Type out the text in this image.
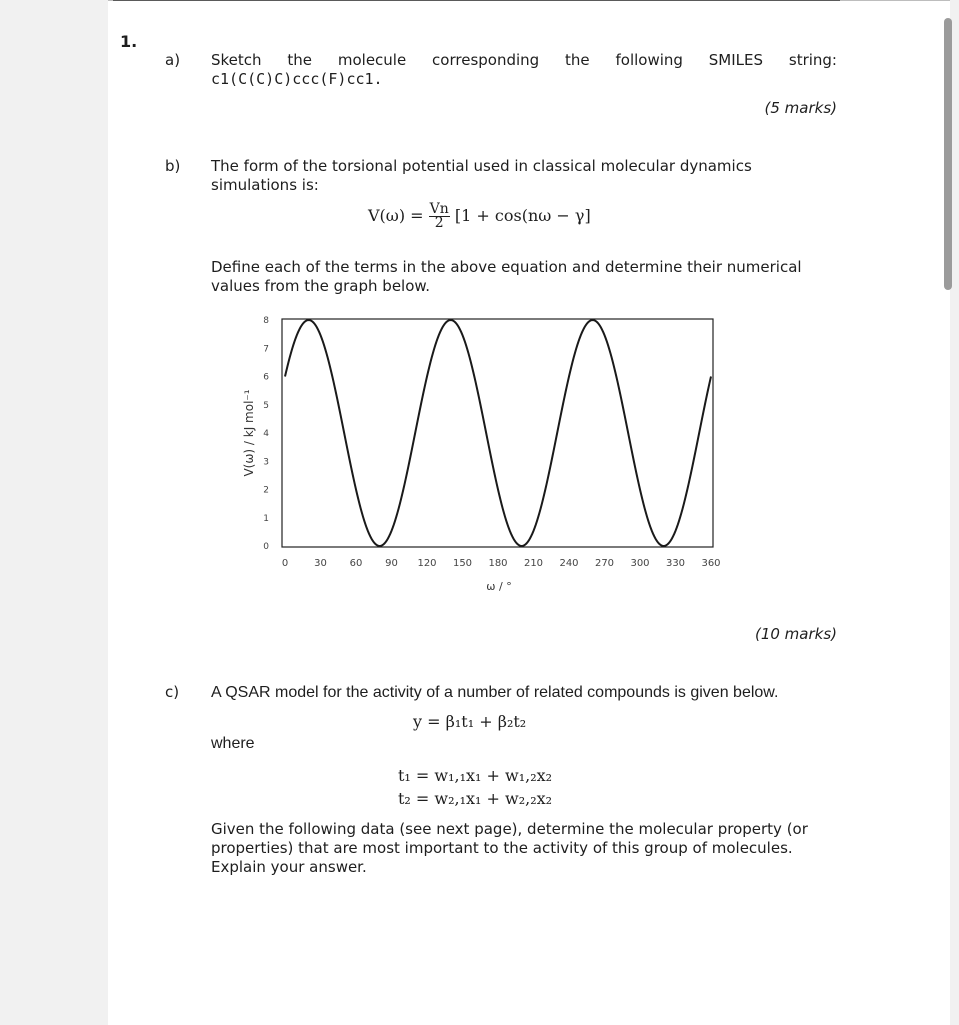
1.
a) Sketch the molecule corresponding the following SMILES string:
c1(C(C)C)ccc(F)cc1.
(5 marks)
b) The form of the torsional potential used in classical molecular dynamics
simulations is:
$V(\omega) = \frac{Vn}{2} [1 + \cos(n\omega - \gamma]$
Define each of the terms in the above equation and determine their numerical
values from the graph below.
0
1
2
3
4
5
6
7
8
0	30 60 90 120 150 180 210 240 270 300 330 360
ω / °
V(ω) / kJ mol⁻¹
(10 marks)
c) A QSAR model for the activity of a number of related compounds is given below.
y = β₁t₁ + β₂t₂
where
t₁ = w₁,₁x₁ + w₁,₂x₂
t₂ = w₂,₁x₁ + w₂,₂x₂
Given the following data (see next page), determine the molecular property (or
properties) that are most important to the activity of this group of molecules.
Explain your answer.
